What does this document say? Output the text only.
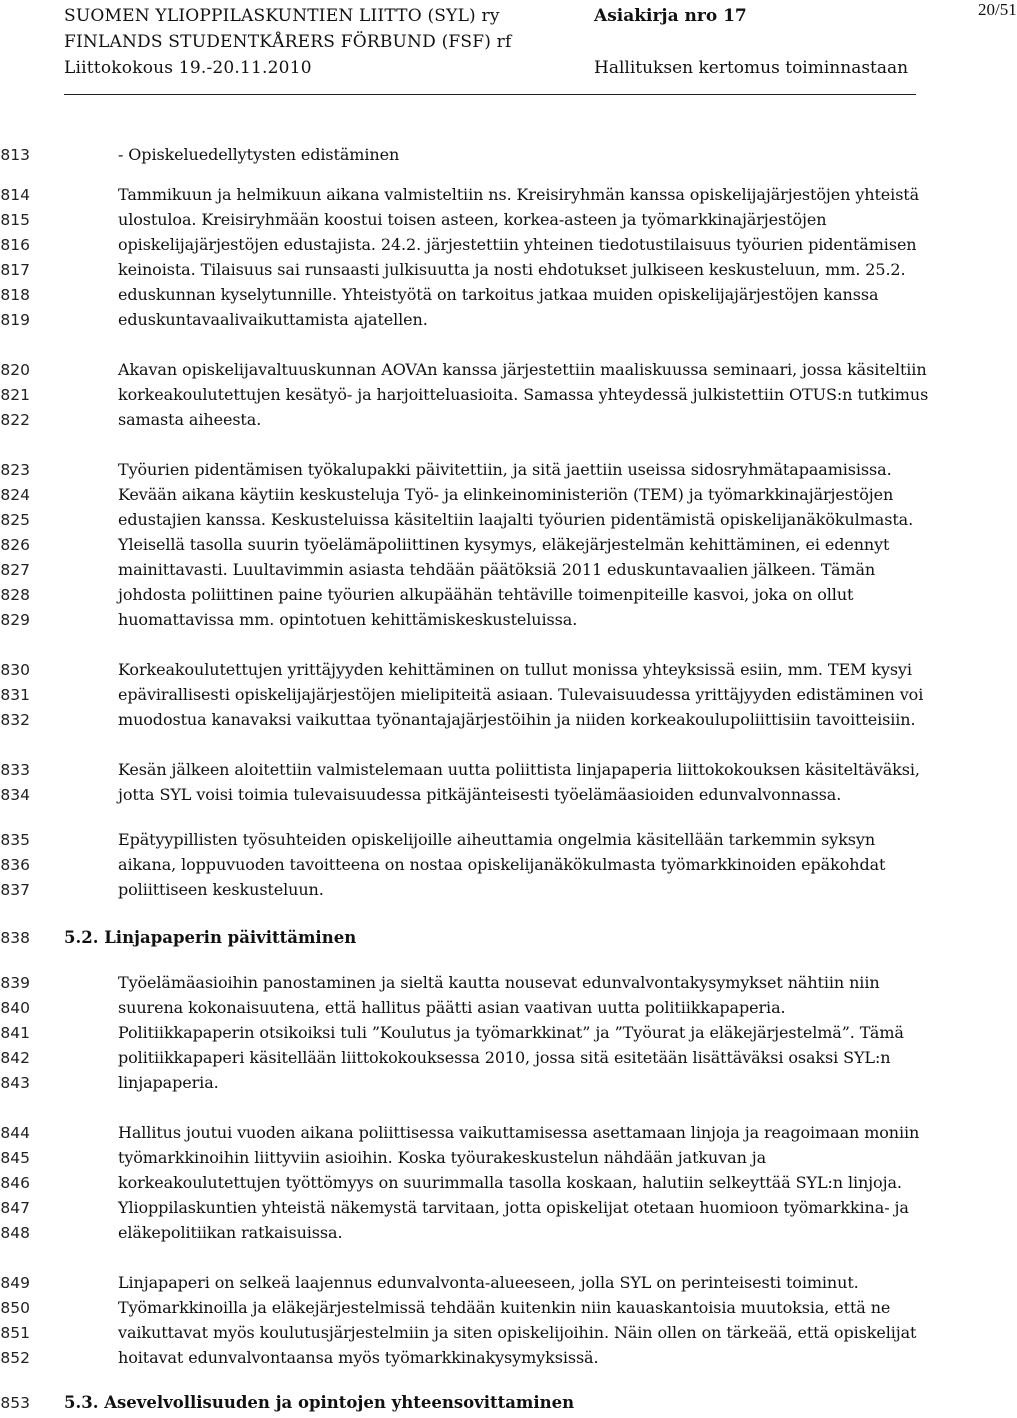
SUOMEN YLIOPPILASKUNTIEN LIITTO (SYL) ry
FINLANDS STUDENTKÅRERS FÖRBUND (FSF) rf
Liittokokous 19.-20.11.2010
Asiakirja nro 17
Hallituksen kertomus toiminnastaan
20/51
813	- Opiskeluedellytysten edistäminen
814	Tammikuun ja helmikuun aikana valmisteltiin ns. Kreisiryhmän kanssa opiskelijajärjestöjen yhteistä
815	ulostuloa. Kreisiryhmään koostui toisen asteen, korkea-asteen ja työmarkkinajärjestöjen
816	opiskelijajärjestöjen edustajista. 24.2. järjestettiin yhteinen tiedotustilaisuus työurien pidentämisen
817	keinoista. Tilaisuus sai runsaasti julkisuutta ja nosti ehdotukset julkiseen keskusteluun, mm. 25.2.
818	eduskunnan kyselytunnille. Yhteistyötä on tarkoitus jatkaa muiden opiskelijajärjestöjen kanssa
819	eduskuntavaalivaikuttamista ajatellen.
820	Akavan opiskelijavaltuuskunnan AOVAn kanssa järjestettiin maaliskuussa seminaari, jossa käsiteltiin
821	korkeakoulutettujen kesätyö- ja harjoitteluasioita. Samassa yhteydessä julkistettiin OTUS:n tutkimus
822	samasta aiheesta.
823	Työurien pidentämisen työkalupakki päivitettiin, ja sitä jaettiin useissa sidosryhmätapaamisissa.
824	Kevään aikana käytiin keskusteluja Työ- ja elinkeinoministeriön (TEM) ja työmarkkinajärjestöjen
825	edustajien kanssa. Keskusteluissa käsiteltiin laajalti työurien pidentämistä opiskelijanäkökulmasta.
826	Yleisellä tasolla suurin työelämäpoliittinen kysymys, eläkejärjestelmän kehittäminen, ei edennyt
827	mainittavasti. Luultavimmin asiasta tehdään päätöksiä 2011 eduskuntavaalien jälkeen. Tämän
828	johdosta poliittinen paine työurien alkupäähän tehtäville toimenpiteille kasvoi, joka on ollut
829	huomattavissa mm. opintotuen kehittämiskeskusteluissa.
830	Korkeakoulutettujen yrittäjyyden kehittäminen on tullut monissa yhteyksissä esiin, mm. TEM kysyi
831	epävirallisesti opiskelijajärjestöjen mielipiteitä asiaan. Tulevaisuudessa yrittäjyyden edistäminen voi
832	muodostua kanavaksi vaikuttaa työnantajajärjestöihin ja niiden korkeakoulupoliittisiin tavoitteisiin.
833	Kesän jälkeen aloitettiin valmistelemaan uutta poliittista linjapaperia liittokokouksen käsiteltäväksi,
834	jotta SYL voisi toimia tulevaisuudessa pitkäjänteisesti työelämäasioiden edunvalvonnassa.
835	Epätyypillisten työsuhteiden opiskelijoille aiheuttamia ongelmia käsitellään tarkemmin syksyn
836	aikana, loppuvuoden tavoitteena on nostaa opiskelijanäkökulmasta työmarkkinoiden epäkohdat
837	poliittiseen keskusteluun.
838 5.2. Linjapaperin päivittäminen
839	Työelämäasioihin panostaminen ja sieltä kautta nousevat edunvalvontakysymykset nähtiin niin
840	suurena kokonaisuutena, että hallitus päätti asian vaativan uutta politiikkapaperia.
841	Politiikkapaperin otsikoiksi tuli ”Koulutus ja työmarkkinat” ja ”Työurat ja eläkejärjestelmä”. Tämä
842	politiikkapaperi käsitellään liittokokouksessa 2010, jossa sitä esitetään lisättäväksi osaksi SYL:n
843	linjapaperia.
844	Hallitus joutui vuoden aikana poliittisessa vaikuttamisessa asettamaan linjoja ja reagoimaan moniin
845	työmarkkinoihin liittyviin asioihin. Koska työurakeskustelun nähdään jatkuvan ja
846	korkeakoulutettujen työttömyys on suurimmalla tasolla koskaan, halutiin selkeyttää SYL:n linjoja.
847	Ylioppilaskuntien yhteistä näkemystä tarvitaan, jotta opiskelijat otetaan huomioon työmarkkina- ja
848	eläkepolitiikan ratkaisuissa.
849	Linjapaperi on selkeä laajennus edunvalvonta-alueeseen, jolla SYL on perinteisesti toiminut.
850	Työmarkkinoilla ja eläkejärjestelmissä tehdään kuitenkin niin kauaskantoisia muutoksia, että ne
851	vaikuttavat myös koulutusjärjestelmiin ja siten opiskelijoihin. Näin ollen on tärkeää, että opiskelijat
852	hoitavat edunvalvontaansa myös työmarkkinakysymyksissä.
853 5.3. Asevelvollisuuden ja opintojen yhteensovittaminen
